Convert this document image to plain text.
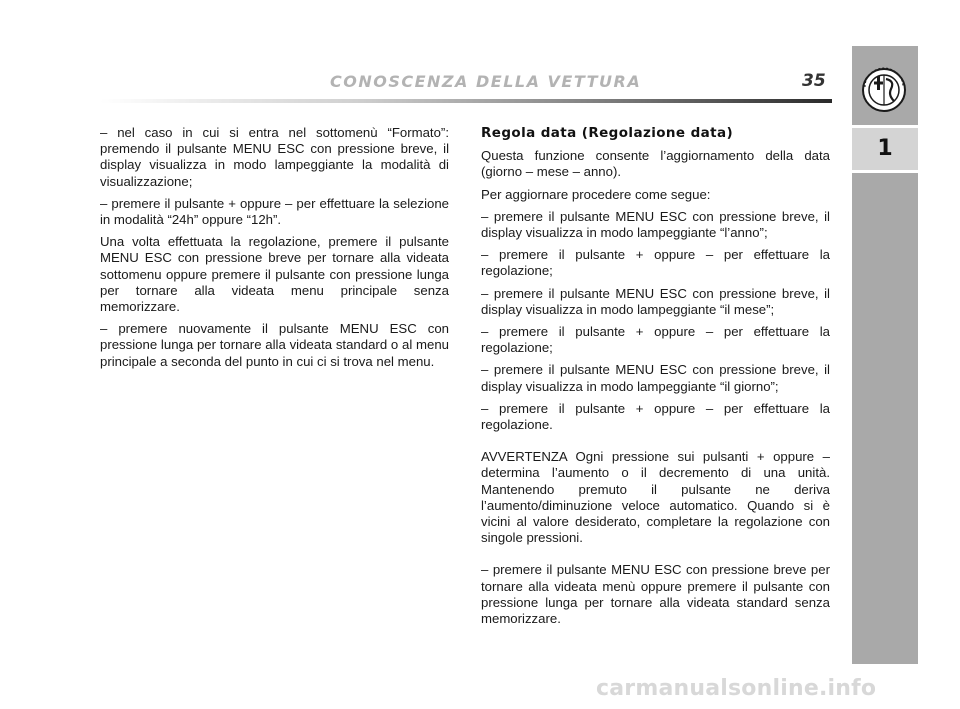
CONOSCENZA DELLA VETTURA	35
1

– nel caso in cui si entra nel sottomenù “Formato”: premendo il pulsante MENU ESC con pressione breve, il display visualizza in modo lampeggiante la modalità di visualizzazione;

– premere il pulsante + oppure – per effettuare la selezione in modalità “24h” oppure “12h”.

Una volta effettuata la regolazione, premere il pulsante MENU ESC con pressione breve per tornare alla videata sottomenu oppure premere il pulsante con pressione lunga per tornare alla videata menu principale senza memorizzare.

– premere nuovamente il pulsante MENU ESC con pressione lunga per tornare alla videata standard o al menu principale a seconda del punto in cui ci si trova nel menu.

Regola data (Regolazione data)

Questa funzione consente l’aggiornamento della data (giorno – mese – anno).

Per aggiornare procedere come segue:

– premere il pulsante MENU ESC con pressione breve, il display visualizza in modo lampeggiante “l’anno”;

– premere il pulsante + oppure – per effettuare la regolazione;

– premere il pulsante MENU ESC con pressione breve, il display visualizza in modo lampeggiante “il mese”;

– premere il pulsante + oppure – per effettuare la regolazione;

– premere il pulsante MENU ESC con pressione breve, il display visualizza in modo lampeggiante “il giorno”;

– premere il pulsante + oppure – per effettuare la regolazione.

AVVERTENZA Ogni pressione sui pulsanti + oppure – determina l’aumento o il decremento di una unità. Mantenendo premuto il pulsante ne deriva l’aumento/diminuzione veloce automatico. Quando si è vicini al valore desiderato, completare la regolazione con singole pressioni.

– premere il pulsante MENU ESC con pressione breve per tornare alla videata menù oppure premere il pulsante con pressione lunga per tornare alla videata standard senza memorizzare.

carmanualsonline.info
